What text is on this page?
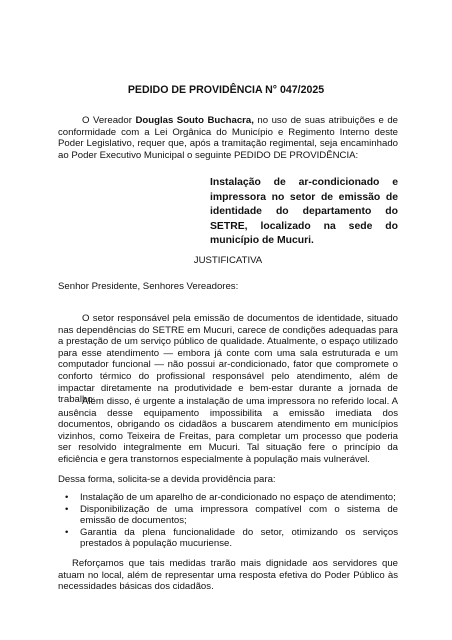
PEDIDO DE PROVIDÊNCIA N° 047/2025
O Vereador Douglas Souto Buchacra, no uso de suas atribuições e de conformidade com a Lei Orgânica do Município e Regimento Interno deste Poder Legislativo, requer que, após a tramitação regimental, seja encaminhado ao Poder Executivo Municipal o seguinte PEDIDO DE PROVIDÊNCIA:
Instalação de ar-condicionado e impressora no setor de emissão de identidade do departamento do SETRE, localizado na sede do município de Mucuri.
JUSTIFICATIVA
Senhor Presidente, Senhores Vereadores:
O setor responsável pela emissão de documentos de identidade, situado nas dependências do SETRE em Mucuri, carece de condições adequadas para a prestação de um serviço público de qualidade. Atualmente, o espaço utilizado para esse atendimento — embora já conte com uma sala estruturada e um computador funcional — não possui ar-condicionado, fator que compromete o conforto térmico do profissional responsável pelo atendimento, além de impactar diretamente na produtividade e bem-estar durante a jornada de trabalho.
Além disso, é urgente a instalação de uma impressora no referido local. A ausência desse equipamento impossibilita a emissão imediata dos documentos, obrigando os cidadãos a buscarem atendimento em municípios vizinhos, como Teixeira de Freitas, para completar um processo que poderia ser resolvido integralmente em Mucuri. Tal situação fere o princípio da eficiência e gera transtornos especialmente à população mais vulnerável.
Dessa forma, solicita-se a devida providência para:
• Instalação de um aparelho de ar-condicionado no espaço de atendimento;
• Disponibilização de uma impressora compatível com o sistema de emissão de documentos;
• Garantia da plena funcionalidade do setor, otimizando os serviços prestados à população mucuriense.
Reforçamos que tais medidas trarão mais dignidade aos servidores que atuam no local, além de representar uma resposta efetiva do Poder Público às necessidades básicas dos cidadãos.
